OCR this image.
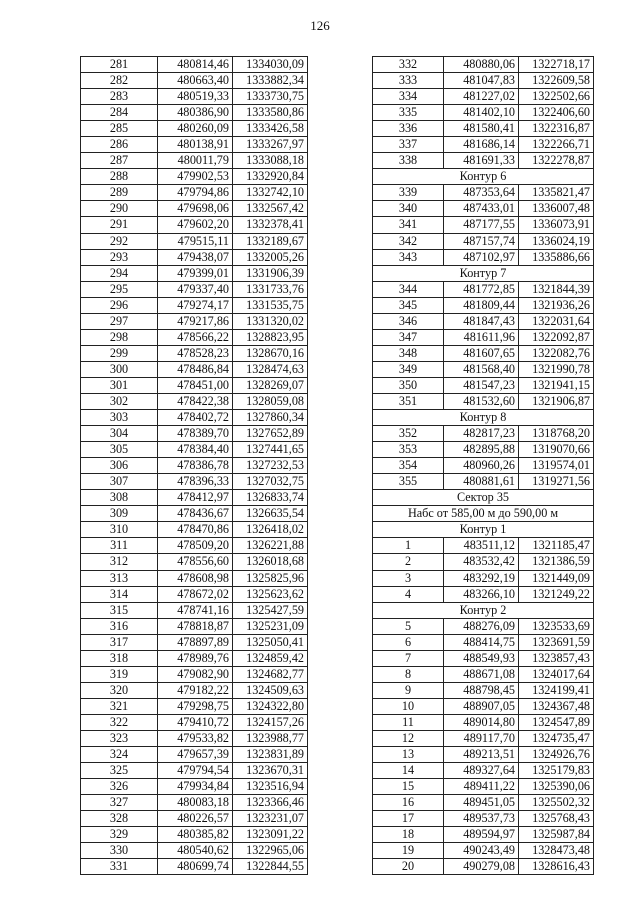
126
281	480814,46	1334030,09
282	480663,40	1333882,34
283	480519,33	1333730,75
284	480386,90	1333580,86
285	480260,09	1333426,58
286	480138,91	1333267,97
287	480011,79	1333088,18
288	479902,53	1332920,84
289	479794,86	1332742,10
290	479698,06	1332567,42
291	479602,20	1332378,41
292	479515,11	1332189,67
293	479438,07	1332005,26
294	479399,01	1331906,39
295	479337,40	1331733,76
296	479274,17	1331535,75
297	479217,86	1331320,02
298	478566,22	1328823,95
299	478528,23	1328670,16
300	478486,84	1328474,63
301	478451,00	1328269,07
302	478422,38	1328059,08
303	478402,72	1327860,34
304	478389,70	1327652,89
305	478384,40	1327441,65
306	478386,78	1327232,53
307	478396,33	1327032,75
308	478412,97	1326833,74
309	478436,67	1326635,54
310	478470,86	1326418,02
311	478509,20	1326221,88
312	478556,60	1326018,68
313	478608,98	1325825,96
314	478672,02	1325623,62
315	478741,16	1325427,59
316	478818,87	1325231,09
317	478897,89	1325050,41
318	478989,76	1324859,42
319	479082,90	1324682,77
320	479182,22	1324509,63
321	479298,75	1324322,80
322	479410,72	1324157,26
323	479533,82	1323988,77
324	479657,39	1323831,89
325	479794,54	1323670,31
326	479934,84	1323516,94
327	480083,18	1323366,46
328	480226,57	1323231,07
329	480385,82	1323091,22
330	480540,62	1322965,06
331	480699,74	1322844,55
332	480880,06	1322718,17
333	481047,83	1322609,58
334	481227,02	1322502,66
335	481402,10	1322406,60
336	481580,41	1322316,87
337	481686,14	1322266,71
338	481691,33	1322278,87
Контур 6		
339	487353,64	1335821,47
340	487433,01	1336007,48
341	487177,55	1336073,91
342	487157,74	1336024,19
343	487102,97	1335886,66
Контур 7		
344	481772,85	1321844,39
345	481809,44	1321936,26
346	481847,43	1322031,64
347	481611,96	1322092,87
348	481607,65	1322082,76
349	481568,40	1321990,78
350	481547,23	1321941,15
351	481532,60	1321906,87
Контур 8		
352	482817,23	1318768,20
353	482895,88	1319070,66
354	480960,26	1319574,01
355	480881,61	1319271,56
Сектор 35		
Набс от 585,00 м до 590,00 м		
Контур 1		
1	483511,12	1321185,47
2	483532,42	1321386,59
3	483292,19	1321449,09
4	483266,10	1321249,22
Контур 2		
5	488276,09	1323533,69
6	488414,75	1323691,59
7	488549,93	1323857,43
8	488671,08	1324017,64
9	488798,45	1324199,41
10	488907,05	1324367,48
11	489014,80	1324547,89
12	489117,70	1324735,47
13	489213,51	1324926,76
14	489327,64	1325179,83
15	489411,22	1325390,06
16	489451,05	1325502,32
17	489537,73	1325768,43
18	489594,97	1325987,84
19	490243,49	1328473,48
20	490279,08	1328616,43
